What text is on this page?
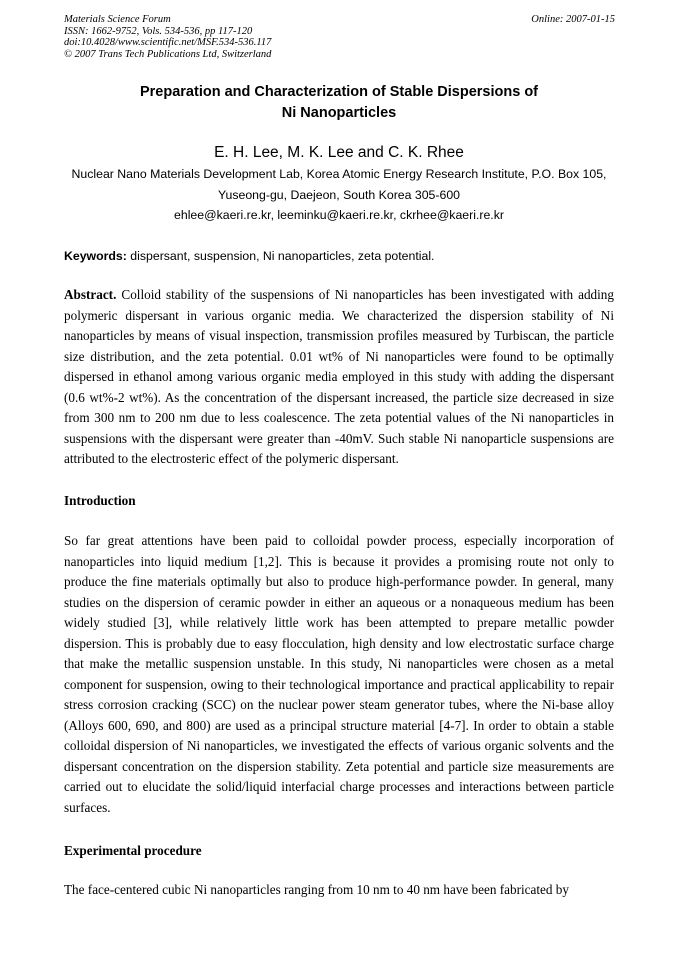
Materials Science Forum
ISSN: 1662-9752, Vols. 534-536, pp 117-120
doi:10.4028/www.scientific.net/MSF.534-536.117
© 2007 Trans Tech Publications Ltd, Switzerland
Online: 2007-01-15
Preparation and Characterization of Stable Dispersions of
Ni Nanoparticles
E. H. Lee, M. K. Lee and C. K. Rhee
Nuclear Nano Materials Development Lab, Korea Atomic Energy Research Institute, P.O. Box 105,
Yuseong-gu, Daejeon, South Korea 305-600
ehlee@kaeri.re.kr, leeminku@kaeri.re.kr, ckrhee@kaeri.re.kr
Keywords: dispersant, suspension, Ni nanoparticles, zeta potential.
Abstract. Colloid stability of the suspensions of Ni nanoparticles has been investigated with adding polymeric dispersant in various organic media. We characterized the dispersion stability of Ni nanoparticles by means of visual inspection, transmission profiles measured by Turbiscan, the particle size distribution, and the zeta potential. 0.01 wt% of Ni nanoparticles were found to be optimally dispersed in ethanol among various organic media employed in this study with adding the dispersant (0.6 wt%-2 wt%). As the concentration of the dispersant increased, the particle size decreased in size from 300 nm to 200 nm due to less coalescence. The zeta potential values of the Ni nanoparticles in suspensions with the dispersant were greater than -40mV. Such stable Ni nanoparticle suspensions are attributed to the electrosteric effect of the polymeric dispersant.
Introduction
So far great attentions have been paid to colloidal powder process, especially incorporation of nanoparticles into liquid medium [1,2]. This is because it provides a promising route not only to produce the fine materials optimally but also to produce high-performance powder. In general, many studies on the dispersion of ceramic powder in either an aqueous or a nonaqueous medium has been widely studied [3], while relatively little work has been attempted to prepare metallic powder dispersion. This is probably due to easy flocculation, high density and low electrostatic surface charge that make the metallic suspension unstable. In this study, Ni nanoparticles were chosen as a metal component for suspension, owing to their technological importance and practical applicability to repair stress corrosion cracking (SCC) on the nuclear power steam generator tubes, where the Ni-base alloy (Alloys 600, 690, and 800) are used as a principal structure material [4-7]. In order to obtain a stable colloidal dispersion of Ni nanoparticles, we investigated the effects of various organic solvents and the dispersant concentration on the dispersion stability. Zeta potential and particle size measurements are carried out to elucidate the solid/liquid interfacial charge processes and interactions between particle surfaces.
Experimental procedure
The face-centered cubic Ni nanoparticles ranging from 10 nm to 40 nm have been fabricated by
